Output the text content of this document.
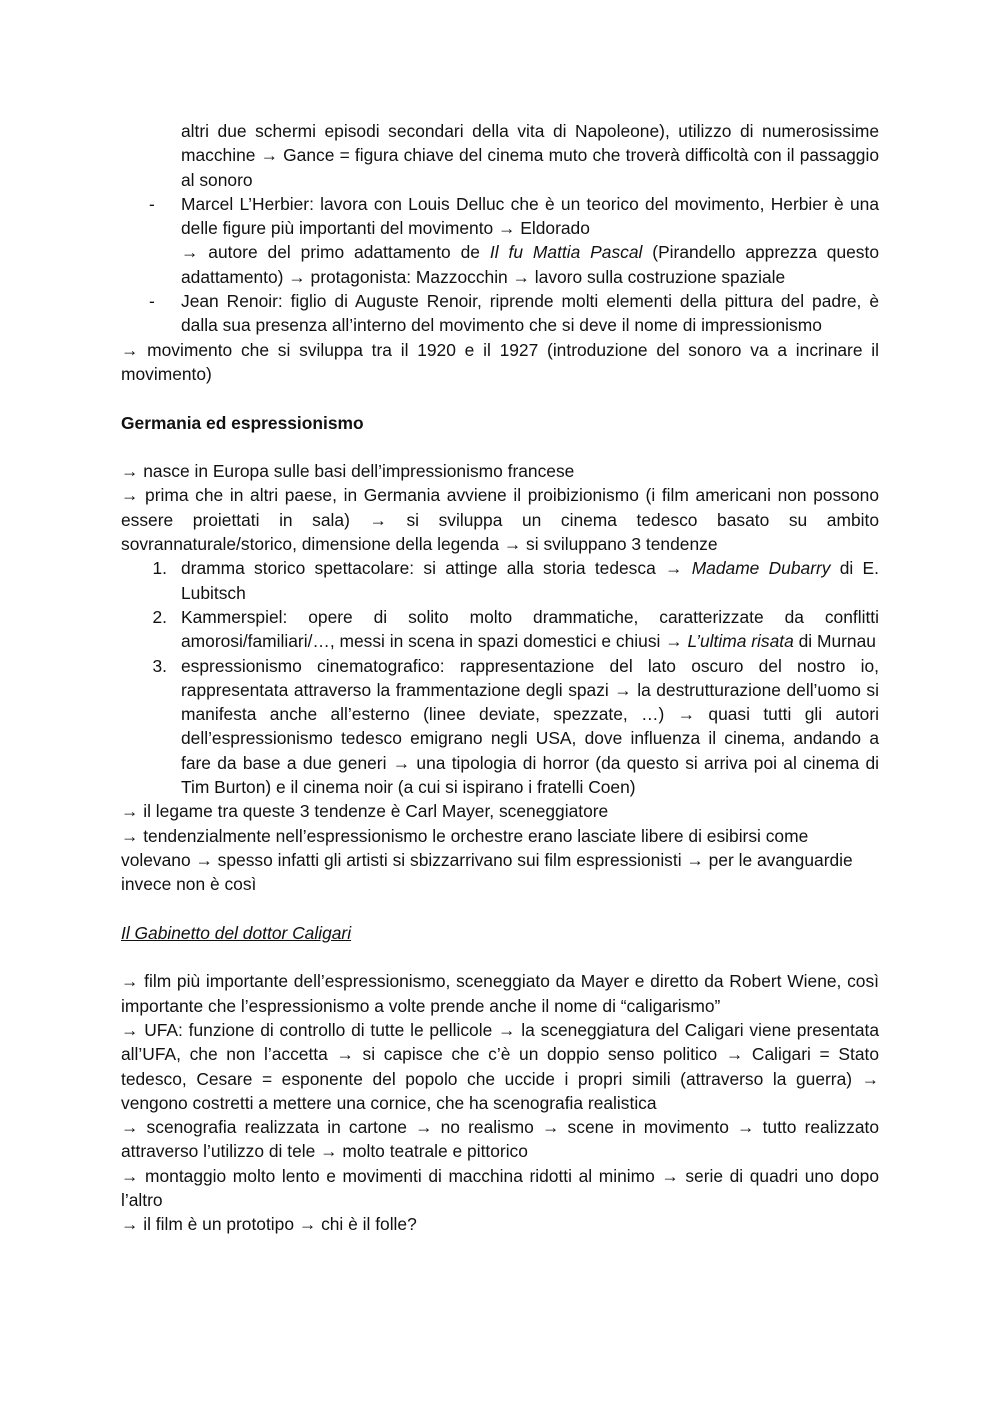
altri due schermi episodi secondari della vita di Napoleone), utilizzo di numerosissime macchine → Gance = figura chiave del cinema muto che troverà difficoltà con il passaggio al sonoro

- Marcel L’Herbier: lavora con Louis Delluc che è un teorico del movimento, Herbier è una delle figure più importanti del movimento → Eldorado

→ autore del primo adattamento de Il fu Mattia Pascal (Pirandello apprezza questo adattamento) → protagonista: Mazzocchin → lavoro sulla costruzione spaziale

- Jean Renoir: figlio di Auguste Renoir, riprende molti elementi della pittura del padre, è dalla sua presenza all’interno del movimento che si deve il nome di impressionismo

→ movimento che si sviluppa tra il 1920 e il 1927 (introduzione del sonoro va a incrinare il movimento)

Germania ed espressionismo

→ nasce in Europa sulle basi dell’impressionismo francese

→ prima che in altri paese, in Germania avviene il proibizionismo (i film americani non possono essere proiettati in sala) → si sviluppa un cinema tedesco basato su ambito sovrannaturale/storico, dimensione della legenda → si sviluppano 3 tendenze

1. dramma storico spettacolare: si attinge alla storia tedesca → Madame Dubarry di E. Lubitsch

2. Kammerspiel: opere di solito molto drammatiche, caratterizzate da conflitti amorosi/familiari/…, messi in scena in spazi domestici e chiusi → L’ultima risata di Murnau

3. espressionismo cinematografico: rappresentazione del lato oscuro del nostro io, rappresentata attraverso la frammentazione degli spazi → la destrutturazione dell’uomo si manifesta anche all’esterno (linee deviate, spezzate, …) → quasi tutti gli autori dell’espressionismo tedesco emigrano negli USA, dove influenza il cinema, andando a fare da base a due generi → una tipologia di horror (da questo si arriva poi al cinema di Tim Burton) e il cinema noir (a cui si ispirano i fratelli Coen)

→ il legame tra queste 3 tendenze è Carl Mayer, sceneggiatore

→ tendenzialmente nell’espressionismo le orchestre erano lasciate libere di esibirsi come volevano → spesso infatti gli artisti si sbizzarrivano sui film espressionisti → per le avanguardie invece non è così

Il Gabinetto del dottor Caligari

→ film più importante dell’espressionismo, sceneggiato da Mayer e diretto da Robert Wiene, così importante che l’espressionismo a volte prende anche il nome di “caligarismo”

→ UFA: funzione di controllo di tutte le pellicole → la sceneggiatura del Caligari viene presentata all’UFA, che non l’accetta → si capisce che c’è un doppio senso politico → Caligari = Stato tedesco, Cesare = esponente del popolo che uccide i propri simili (attraverso la guerra) → vengono costretti a mettere una cornice, che ha scenografia realistica

→ scenografia realizzata in cartone → no realismo → scene in movimento → tutto realizzato attraverso l’utilizzo di tele → molto teatrale e pittorico

→ montaggio molto lento e movimenti di macchina ridotti al minimo → serie di quadri uno dopo l’altro

→ il film è un prototipo → chi è il folle?
